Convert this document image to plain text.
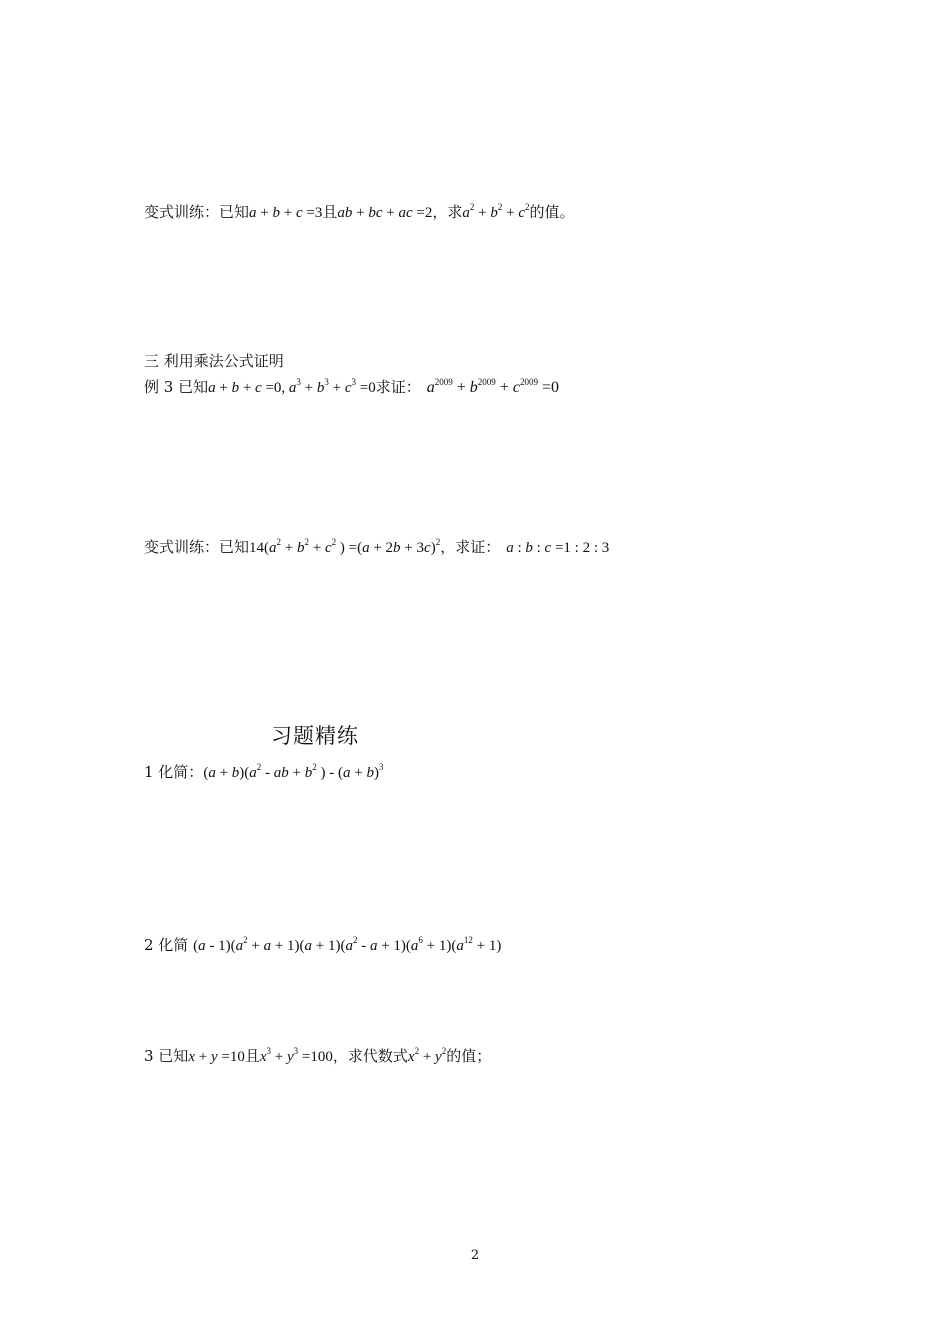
变式训练：已知a + b + c =3且ab + bc + ac =2，求$a^2 + b^2 + c^2$的值。
三 利用乘法公式证明
例 3 已知a + b + c =0, $a^3 + b^3 + c^3 =0$求证： $a^{2009} + b^{2009} + c^{2009} =0$
变式训练：已知$14(a^2 + b^2 + c^2$ ) $=(a + 2b + 3c)^2$，求证： a : b : c =1 : 2 : 3
习题精练
1 化简：$(a + b)(a^2$ - ab + $b^2$ ) - $(a + b)^3$
2 化简 $(a - 1)(a^2 + a + 1)(a + 1)(a^2 - a + 1)(a^6 + 1)(a^{12} + 1)$
3 已知x + y =10且$x^3 + y^3 =100$，求代数式$x^2 + y^2$的值；
2
